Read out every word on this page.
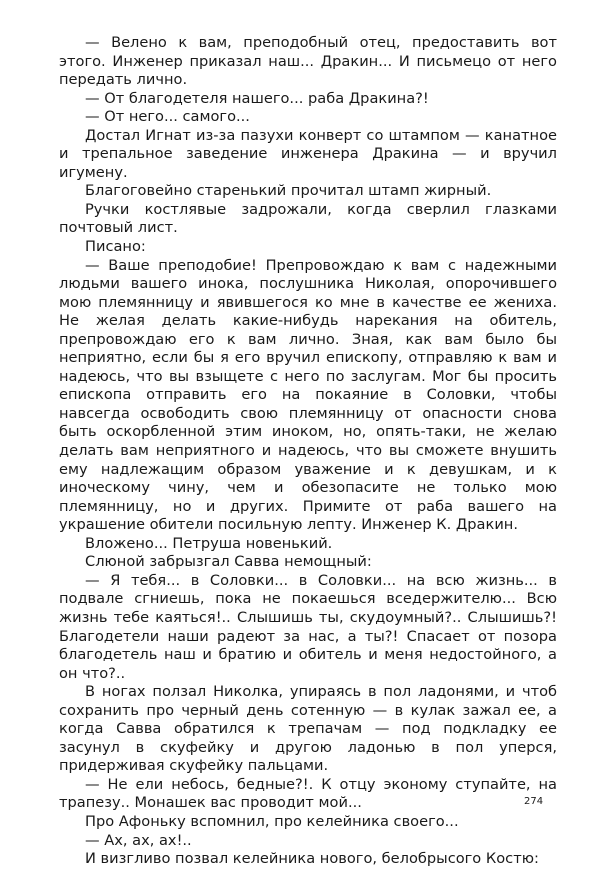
— Велено к вам, преподобный отец, предоставить вот этого. Инженер приказал наш... Дракин... И письмецо от него передать лично.

— От благодетеля нашего... раба Дракина?!

— От него... самого...

Достал Игнат из-за пазухи конверт со штампом — канатное и трепальное заведение инженера Дракина — и вручил игумену.

Благоговейно старенький прочитал штамп жирный.

Ручки костлявые задрожали, когда сверлил глазками почтовый лист.

Писано:

— Ваше преподобие! Препровождаю к вам с надежными людьми вашего инока, послушника Николая, опорочившего мою племянницу и явившегося ко мне в качестве ее жениха. Не желая делать какие-нибудь нарекания на обитель, препровождаю его к вам лично. Зная, как вам было бы неприятно, если бы я его вручил епископу, отправляю к вам и надеюсь, что вы взыщете с него по заслугам. Мог бы просить епископа отправить его на покаяние в Соловки, чтобы навсегда освободить свою племянницу от опасности снова быть оскорбленной этим иноком, но, опять-таки, не желаю делать вам неприятного и надеюсь, что вы сможете внушить ему надлежащим образом уважение и к девушкам, и к иноческому чину, чем и обезопасите не только мою племянницу, но и других. Примите от раба вашего на украшение обители посильную лепту. Инженер К. Дракин.

Вложено... Петруша новенький.

Слюной забрызгал Савва немощный:

— Я тебя... в Соловки... в Соловки... на всю жизнь... в подвале сгниешь, пока не покаешься вседержителю... Всю жизнь тебе каяться!.. Слышишь ты, скудоумный?.. Слышишь?! Благодетели наши радеют за нас, а ты?! Спасает от позора благодетель наш и братию и обитель и меня недостойного, а он что?..

В ногах ползал Николка, упираясь в пол ладонями, и чтоб сохранить про черный день сотенную — в кулак зажал ее, а когда Савва обратился к трепачам — под подкладку ее засунул в скуфейку и другою ладонью в пол уперся, придерживая скуфейку пальцами.

— Не ели небось, бедные?!. К отцу эконому ступайте, на трапезу.. Монашек вас проводит мой...

Про Афоньку вспомнил, про келейника своего...

— Ах, ах, ах!..

И визгливо позвал келейника нового, белобрысого Костю:

274
